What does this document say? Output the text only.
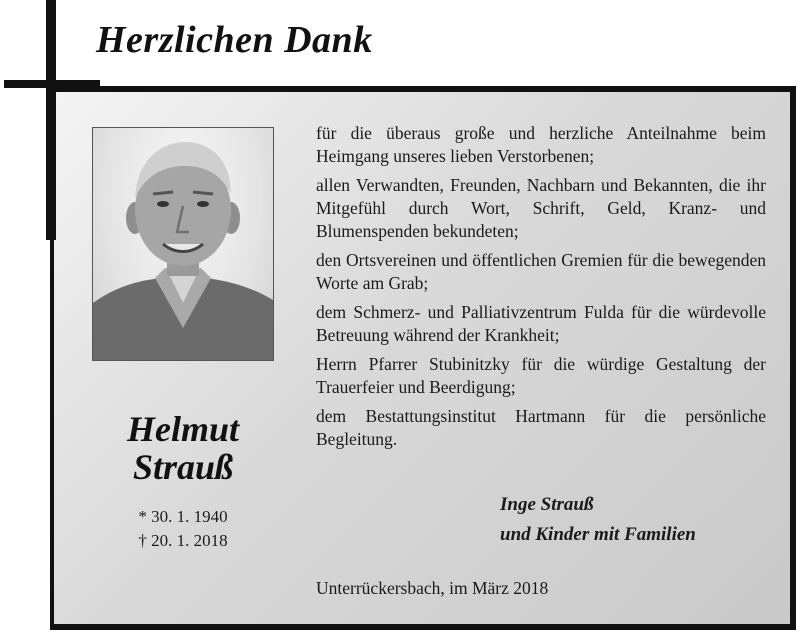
Herzlichen Dank
Helmut
Strauß
* 30. 1. 1940
† 20. 1. 2018

für die überaus große und herzliche Anteilnahme beim Heimgang unseres lieben Verstorbenen;

allen Verwandten, Freunden, Nachbarn und Bekannten, die ihr Mitgefühl durch Wort, Schrift, Geld, Kranz- und Blumenspenden bekundeten;

den Ortsvereinen und öffentlichen Gremien für die bewegenden Worte am Grab;

dem Schmerz- und Palliativzentrum Fulda für die würdevolle Betreuung während der Krankheit;

Herrn Pfarrer Stubinitzky für die würdige Gestaltung der Trauerfeier und Beerdigung;

dem Bestattungsinstitut Hartmann für die persönliche Begleitung.

Inge Strauß
und Kinder mit Familien
Unterrückersbach, im März 2018
